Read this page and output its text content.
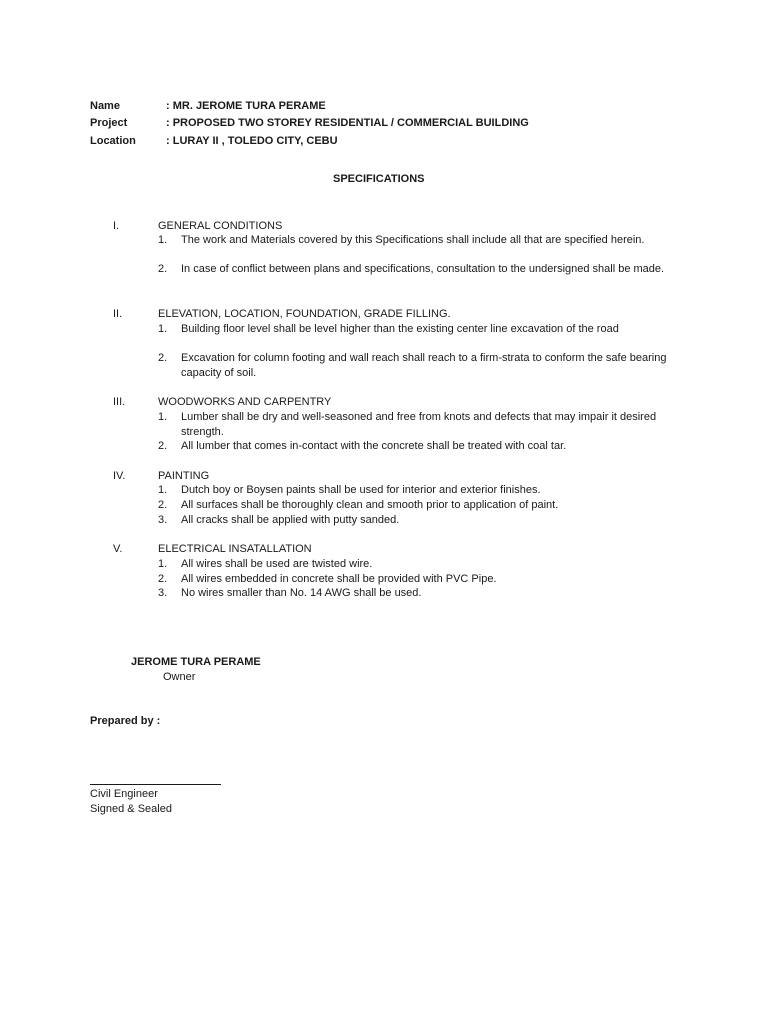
Name	: MR. JEROME TURA PERAME
Project	: PROPOSED TWO STOREY RESIDENTIAL / COMMERCIAL BUILDING
Location	: LURAY II , TOLEDO CITY, CEBU
SPECIFICATIONS
I.	GENERAL CONDITIONS
1. The work and Materials covered by this Specifications shall include all that are specified herein.
2. In case of conflict between plans and specifications, consultation to the undersigned shall be made.
II.	ELEVATION, LOCATION, FOUNDATION, GRADE FILLING.
1. Building floor level shall be level higher than the existing center line excavation of the road
2. Excavation for column footing and wall reach shall reach to a firm-strata to conform the safe bearing capacity of soil.
III.	WOODWORKS AND CARPENTRY
1. Lumber shall be dry and well-seasoned and free from knots and defects that may impair it desired strength.
2. All lumber that comes in-contact with the concrete shall be treated with coal tar.
IV.	PAINTING
1. Dutch boy or Boysen paints shall be used for interior and exterior finishes.
2. All surfaces shall be thoroughly clean and smooth prior to application of paint.
3. All cracks shall be applied with putty sanded.
V.	ELECTRICAL INSATALLATION
1. All wires shall be used are twisted wire.
2. All wires embedded in concrete shall be provided with PVC Pipe.
3. No wires smaller than No. 14 AWG shall be used.
JEROME TURA PERAME
Owner
Prepared by :
Civil Engineer
Signed & Sealed
